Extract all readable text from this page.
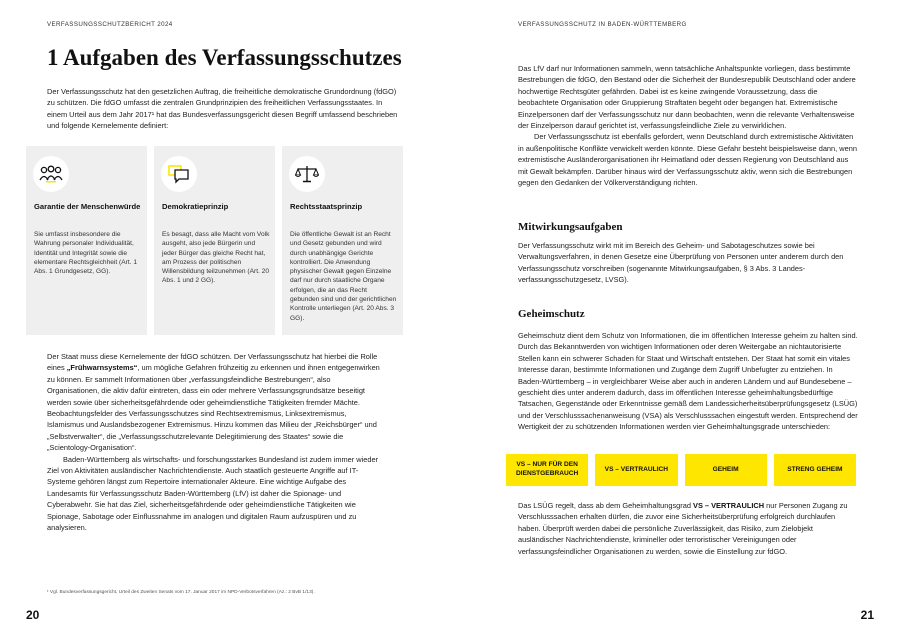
VERFASSUNGSSCHUTZBERICHT 2024
1 Aufgaben des Verfassungsschutzes

Der Verfassungsschutz hat den gesetzlichen Auftrag, die freiheitliche demokratische Grundordnung (fdGO) zu schützen. Die fdGO umfasst die zentralen Grundprinzipien des freiheitlichen Verfassungsstaates. In einem Urteil aus dem Jahr 2017¹ hat das Bundesverfassungsgericht diesen Begriff umfassend beschrieben und folgende Kernelemente definiert:

Garantie der Menschenwürde
Sie umfasst insbesondere die Wahrung personaler Individualität, Identität und Integrität sowie die elementare Rechtsgleichheit (Art. 1 Abs. 1 Grundgesetz, GG).
Demokratieprinzip
Es besagt, dass alle Macht vom Volk ausgeht, also jede Bürgerin und jeder Bürger das gleiche Recht hat, am Prozess der politischen Willensbildung teilzunehmen (Art. 20 Abs. 1 und 2 GG).
Rechtsstaatsprinzip
Die öffentliche Gewalt ist an Recht und Gesetz gebunden und wird durch unabhängige Gerichte kontrolliert. Die Anwendung physischer Gewalt gegen Einzelne darf nur durch staatliche Organe erfolgen, die an das Recht gebunden sind und der gerichtlichen Kontrolle unterliegen (Art. 20 Abs. 3 GG).

Der Staat muss diese Kernelemente der fdGO schützen. Der Verfassungsschutz hat hierbei die Rolle eines „Frühwarnsystems“, um mögliche Gefahren frühzeitig zu erkennen und ihnen entgegenwirken zu können. Er sammelt Informationen über „verfassungsfeindliche Bestrebungen“, also Organisationen, die aktiv dafür eintreten, dass ein oder mehrere Verfassungsgrundsätze beseitigt werden sowie über sicherheitsgefährdende oder geheimdienstliche Tätigkeiten fremder Mächte. Beobachtungsfelder des Verfassungsschutzes sind Rechtsextremismus, Linksextremismus, Islamismus und Auslandsbezogener Extremismus. Hinzu kommen das Milieu der „Reichsbürger“ und „Selbstverwalter“, die „Verfassungsschutzrelevante Delegitimierung des Staates“ sowie die „Scientology-Organisation“.

Baden-Württemberg als wirtschafts- und forschungsstarkes Bundesland ist zudem immer wieder Ziel von Aktivitäten ausländischer Nachrichtendienste. Auch staatlich gesteuerte Angriffe auf IT-Systeme gehören längst zum Repertoire internationaler Akteure. Eine wichtige Aufgabe des Landesamts für Verfassungsschutz Baden-Württemberg (LfV) ist daher die Spionage- und Cyberabwehr. Sie hat das Ziel, sicherheitsgefährdende oder geheimdienstliche Tätigkeiten wie Spionage, Sabotage oder Einflussnahme im analogen und digitalen Raum aufzuspüren und zu analysieren.

¹ Vgl. Bundesverfassungsgericht, Urteil des Zweiten Senats vom 17. Januar 2017 im NPD-Verbotsverfahren (Az.: 2 BvB 1/13).
20
VERFASSUNGSSCHUTZ IN BADEN-WÜRTTEMBERG

Das LfV darf nur Informationen sammeln, wenn tatsächliche Anhaltspunkte vorliegen, dass bestimmte Bestrebungen die fdGO, den Bestand oder die Sicherheit der Bundesrepublik Deutschland oder andere hochwertige Rechtsgüter gefährden. Dabei ist es keine zwingende Voraussetzung, dass die beobachtete Organisation oder Gruppierung Straftaten begeht oder begangen hat. Extremistische Einzelpersonen darf der Verfassungsschutz nur dann beobachten, wenn die relevante Verhaltensweise der Einzelperson darauf gerichtet ist, verfassungsfeindliche Ziele zu verwirklichen.

Der Verfassungsschutz ist ebenfalls gefordert, wenn Deutschland durch extremistische Aktivitäten in außenpolitische Konflikte verwickelt werden könnte. Diese Gefahr besteht beispielsweise dann, wenn extremistische Ausländerorganisationen ihr Heimatland oder dessen Regierung von Deutschland aus mit Gewalt bekämpfen. Darüber hinaus wird der Verfassungsschutz aktiv, wenn sich die Bestrebungen gegen den Gedanken der Völkerverständigung richten.

Mitwirkungsaufgaben

Der Verfassungsschutz wirkt mit im Bereich des Geheim- und Sabotageschutzes sowie bei Verwaltungsverfahren, in denen Gesetze eine Überprüfung von Personen unter anderem durch den Verfassungsschutz vorschreiben (sogenannte Mitwirkungsaufgaben, § 3 Abs. 3 Landesverfassungsschutzgesetz, LVSG).

Geheimschutz

Geheimschutz dient dem Schutz von Informationen, die im öffentlichen Interesse geheim zu halten sind. Durch das Bekanntwerden von wichtigen Informationen oder deren Weitergabe an nichtautorisierte Stellen kann ein schwerer Schaden für Staat und Wirtschaft entstehen. Der Staat hat somit ein vitales Interesse daran, bestimmte Informationen und Zugänge dem Zugriff Unbefugter zu entziehen. In Baden-Württemberg – in vergleichbarer Weise aber auch in anderen Ländern und auf Bundesebene – geschieht dies unter anderem dadurch, dass im öffentlichen Interesse geheimhaltungsbedürftige Tatsachen, Gegenstände oder Erkenntnisse gemäß dem Landessicherheitsüberprüfungsgesetz (LSÜG) und der Verschlusssachenanweisung (VSA) als Verschlusssachen eingestuft werden. Entsprechend der Wertigkeit der zu schützenden Informationen werden vier Geheimhaltungsgrade unterschieden:

VS – NUR FÜR DEN DIENSTGEBRAUCH
VS – VERTRAULICH	GEHEIM	STRENG GEHEIM

Das LSÜG regelt, dass ab dem Geheimhaltungsgrad VS – VERTRAULICH nur Personen Zugang zu Verschlusssachen erhalten dürfen, die zuvor eine Sicherheitsüberprüfung erfolgreich durchlaufen haben. Überprüft werden dabei die persönliche Zuverlässigkeit, das Risiko, zum Zielobjekt ausländischer Nachrichtendienste, krimineller oder terroristischer Vereinigungen oder verfassungsfeindlicher Organisationen zu werden, sowie die Einstellung zur fdGO.

21
